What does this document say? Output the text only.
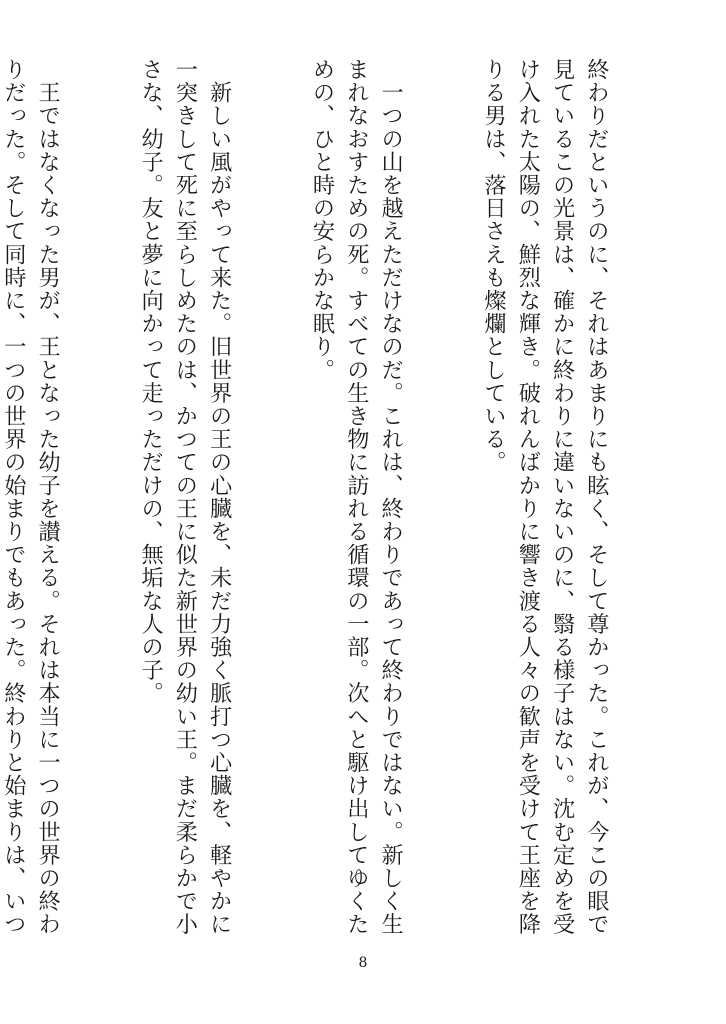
終わりだというのに、それはあまりにも眩く、そして尊かった。これが、今この眼で見ているこの光景は、確かに終わりに違いないのに、翳る様子はない。沈む定めを受け入れた太陽の、鮮烈な輝き。破れんばかりに響き渡る人々の歓声を受けて王座を降りる男は、落日さえも燦爛としている。

　一つの山を越えただけなのだ。これは、終わりであって終わりではない。新しく生まれなおすための死。すべての生き物に訪れる循環の一部。次へと駆け出してゆくための、ひと時の安らかな眠り。

　新しい風がやって来た。旧世界の王の心臓を、未だ力強く脈打つ心臓を、軽やかに一突きして死に至らしめたのは、かつての王に似た新世界の幼い王。まだ柔らかで小さな、幼子。友と夢に向かって走っただけの、無垢な人の子。

　王ではなくなった男が、王となった幼子を讃える。それは本当に一つの世界の終わりだった。そして同時に、一つの世界の始まりでもあった。終わりと始まりは、いつ

8
